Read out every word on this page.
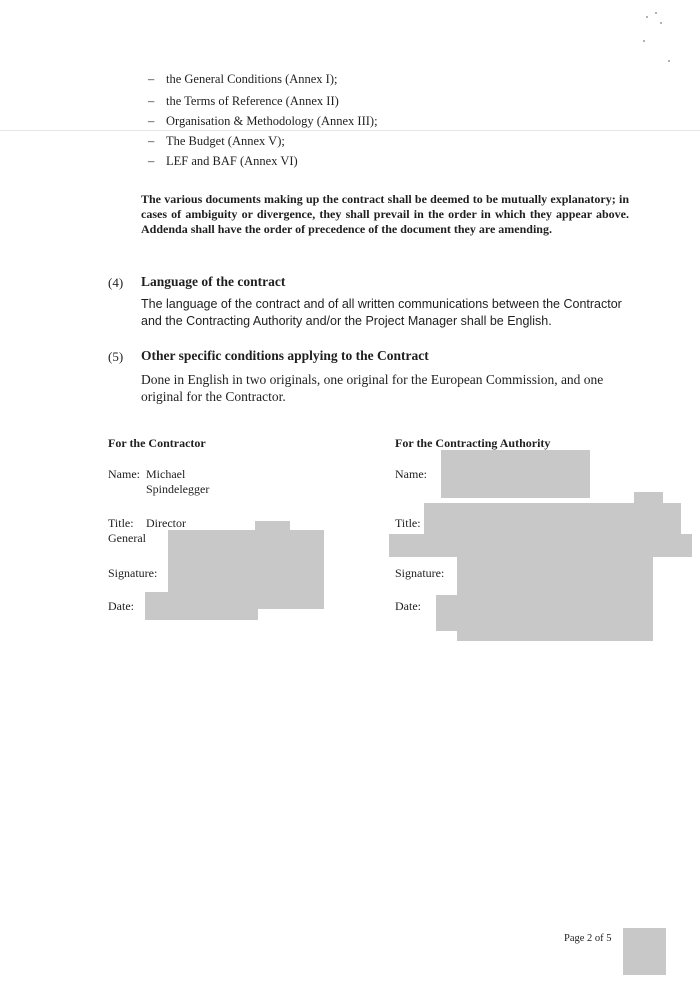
– the General Conditions (Annex I);
– the Terms of Reference (Annex II)
– Organisation & Methodology (Annex III);
– The Budget (Annex V);
– LEF and BAF (Annex VI)
The various documents making up the contract shall be deemed to be mutually explanatory; in cases of ambiguity or divergence, they shall prevail in the order in which they appear above. Addenda shall have the order of precedence of the document they are amending.
(4) Language of the contract
The language of the contract and of all written communications between the Contractor and the Contracting Authority and/or the Project Manager shall be English.
(5) Other specific conditions applying to the Contract
Done in English in two originals, one original for the European Commission, and one original for the Contractor.
For the Contractor
Name: Michael Spindelegger
Title:	Director General
Signature:
Date:
For the Contracting Authority
Name:
Title:
Signature:
Date:
Page 2 of 5
